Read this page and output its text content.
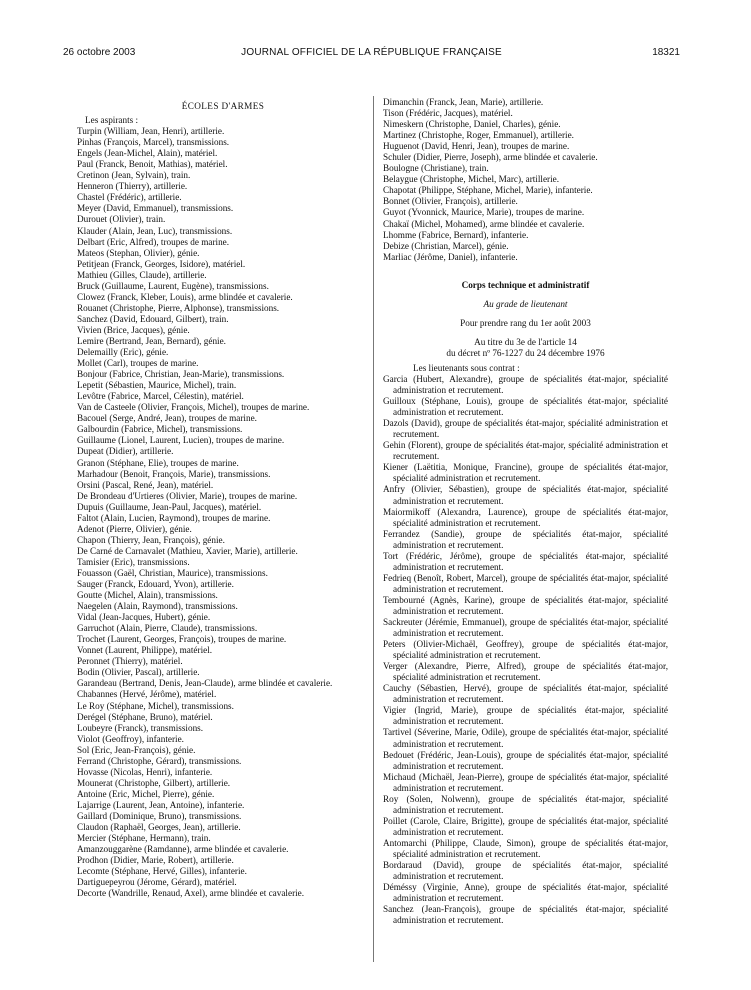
26 octobre 2003	JOURNAL OFFICIEL DE LA RÉPUBLIQUE FRANÇAISE	18321
ÉCOLES D'ARMES
Les aspirants :
Turpin (William, Jean, Henri), artillerie.
Pinhas (François, Marcel), transmissions.
Engels (Jean-Michel, Alain), matériel.
Paul (Franck, Benoit, Mathias), matériel.
Cretinon (Jean, Sylvain), train.
Henneron (Thierry), artillerie.
Chastel (Frédéric), artillerie.
Meyer (David, Emmanuel), transmissions.
Durouet (Olivier), train.
Klauder (Alain, Jean, Luc), transmissions.
Delbart (Eric, Alfred), troupes de marine.
Mateos (Stephan, Olivier), génie.
Petitjean (Franck, Georges, Isidore), matériel.
Mathieu (Gilles, Claude), artillerie.
Bruck (Guillaume, Laurent, Eugène), transmissions.
Clowez (Franck, Kleber, Louis), arme blindée et cavalerie.
Rouanet (Christophe, Pierre, Alphonse), transmissions.
Sanchez (David, Edouard, Gilbert), train.
Vivien (Brice, Jacques), génie.
Lemire (Bertrand, Jean, Bernard), génie.
Delemailly (Eric), génie.
Mollet (Carl), troupes de marine.
Bonjour (Fabrice, Christian, Jean-Marie), transmissions.
Lepetit (Sébastien, Maurice, Michel), train.
Levôtre (Fabrice, Marcel, Célestin), matériel.
Van de Casteele (Olivier, François, Michel), troupes de marine.
Bacouel (Serge, André, Jean), troupes de marine.
Galbourdin (Fabrice, Michel), transmissions.
Guillaume (Lionel, Laurent, Lucien), troupes de marine.
Dupeat (Didier), artillerie.
Granon (Stéphane, Elie), troupes de marine.
Marhadour (Benoit, François, Marie), transmissions.
Orsini (Pascal, René, Jean), matériel.
De Brondeau d'Urtieres (Olivier, Marie), troupes de marine.
Dupuis (Guillaume, Jean-Paul, Jacques), matériel.
Faltot (Alain, Lucien, Raymond), troupes de marine.
Adenot (Pierre, Olivier), génie.
Chapon (Thierry, Jean, François), génie.
De Carné de Carnavalet (Mathieu, Xavier, Marie), artillerie.
Tamisier (Eric), transmissions.
Fouasson (Gaël, Christian, Maurice), transmissions.
Sauger (Franck, Edouard, Yvon), artillerie.
Goutte (Michel, Alain), transmissions.
Naegelen (Alain, Raymond), transmissions.
Vidal (Jean-Jacques, Hubert), génie.
Garruchot (Alain, Pierre, Claude), transmissions.
Trochet (Laurent, Georges, François), troupes de marine.
Vonnet (Laurent, Philippe), matériel.
Peronnet (Thierry), matériel.
Bodin (Olivier, Pascal), artillerie.
Garandeau (Bertrand, Denis, Jean-Claude), arme blindée et cavalerie.
Chabannes (Hervé, Jérôme), matériel.
Le Roy (Stéphane, Michel), transmissions.
Derégel (Stéphane, Bruno), matériel.
Loubeyre (Franck), transmissions.
Violot (Geoffroy), infanterie.
Sol (Eric, Jean-François), génie.
Ferrand (Christophe, Gérard), transmissions.
Hovasse (Nicolas, Henri), infanterie.
Mounerat (Christophe, Gilbert), artillerie.
Antoine (Eric, Michel, Pierre), génie.
Lajarrige (Laurent, Jean, Antoine), infanterie.
Gaillard (Dominique, Bruno), transmissions.
Claudon (Raphaël, Georges, Jean), artillerie.
Mercier (Stéphane, Hermann), train.
Amanzouggarène (Ramdanne), arme blindée et cavalerie.
Prodhon (Didier, Marie, Robert), artillerie.
Lecomte (Stéphane, Hervé, Gilles), infanterie.
Dartiguepeyrou (Jérome, Gérard), matériel.
Decorte (Wandrille, Renaud, Axel), arme blindée et cavalerie.
Dimanchin (Franck, Jean, Marie), artillerie.
Tison (Frédéric, Jacques), matériel.
Nimeskern (Christophe, Daniel, Charles), génie.
Martinez (Christophe, Roger, Emmanuel), artillerie.
Huguenot (David, Henri, Jean), troupes de marine.
Schuler (Didier, Pierre, Joseph), arme blindée et cavalerie.
Boulogne (Christiane), train.
Belaygue (Christophe, Michel, Marc), artillerie.
Chapotat (Philippe, Stéphane, Michel, Marie), infanterie.
Bonnet (Olivier, François), artillerie.
Guyot (Yvonnick, Maurice, Marie), troupes de marine.
Chakaï (Michel, Mohamed), arme blindée et cavalerie.
Lhomme (Fabrice, Bernard), infanterie.
Debize (Christian, Marcel), génie.
Marliac (Jérôme, Daniel), infanterie.
Corps technique et administratif
Au grade de lieutenant
Pour prendre rang du 1er août 2003
Au titre du 3e de l'article 14
du décret nº 76-1227 du 24 décembre 1976
Les lieutenants sous contrat :
Garcia (Hubert, Alexandre), groupe de spécialités état-major, spécialité administration et recrutement.
Guilloux (Stéphane, Louis), groupe de spécialités état-major, spécialité administration et recrutement.
Dazols (David), groupe de spécialités état-major, spécialité administration et recrutement.
Gehin (Florent), groupe de spécialités état-major, spécialité administration et recrutement.
Kiener (Laëtitia, Monique, Francine), groupe de spécialités état-major, spécialité administration et recrutement.
Anfry (Olivier, Sébastien), groupe de spécialités état-major, spécialité administration et recrutement.
Maiormikoff (Alexandra, Laurence), groupe de spécialités état-major, spécialité administration et recrutement.
Ferrandez (Sandie), groupe de spécialités état-major, spécialité administration et recrutement.
Tort (Frédéric, Jérôme), groupe de spécialités état-major, spécialité administration et recrutement.
Fedrieq (Benoît, Robert, Marcel), groupe de spécialités état-major, spécialité administration et recrutement.
Tembourné (Agnès, Karine), groupe de spécialités état-major, spécialité administration et recrutement.
Sackreuter (Jérémie, Emmanuel), groupe de spécialités état-major, spécialité administration et recrutement.
Peters (Olivier-Michaël, Geoffrey), groupe de spécialités état-major, spécialité administration et recrutement.
Verger (Alexandre, Pierre, Alfred), groupe de spécialités état-major, spécialité administration et recrutement.
Cauchy (Sébastien, Hervé), groupe de spécialités état-major, spécialité administration et recrutement.
Vigier (Ingrid, Marie), groupe de spécialités état-major, spécialité administration et recrutement.
Tartivel (Séverine, Marie, Odile), groupe de spécialités état-major, spécialité administration et recrutement.
Bedouet (Frédéric, Jean-Louis), groupe de spécialités état-major, spécialité administration et recrutement.
Michaud (Michaël, Jean-Pierre), groupe de spécialités état-major, spécialité administration et recrutement.
Roy (Solen, Nolwenn), groupe de spécialités état-major, spécialité administration et recrutement.
Poillet (Carole, Claire, Brigitte), groupe de spécialités état-major, spécialité administration et recrutement.
Antomarchi (Philippe, Claude, Simon), groupe de spécialités état-major, spécialité administration et recrutement.
Bordaraud (David), groupe de spécialités état-major, spécialité administration et recrutement.
Déméssy (Virginie, Anne), groupe de spécialités état-major, spécialité administration et recrutement.
Sanchez (Jean-François), groupe de spécialités état-major, spécialité administration et recrutement.
